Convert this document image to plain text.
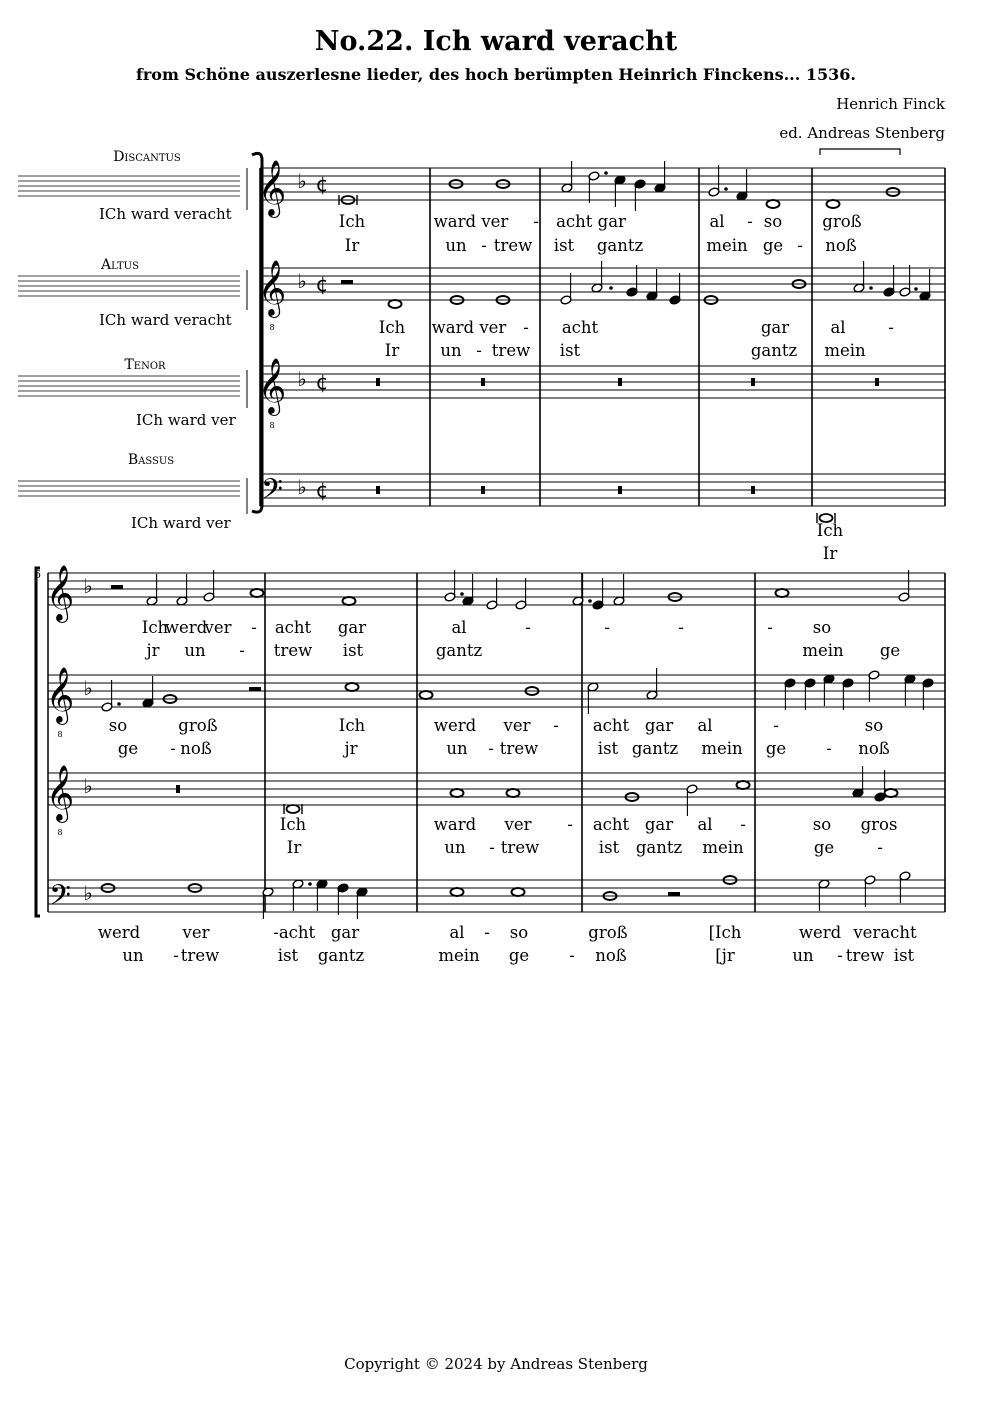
No.22. Ich ward veracht
from Schöne auszerlesne lieder, des hoch berümpten Heinrich Finckens... 1536.
Henrich Finck
ed. Andreas Stenberg
Copyright © 2024 by Andreas Stenberg
𝄞 ♭ ¢
𝄞
8
♭ ¢
𝄞
8
♭ ¢
𝄢 ♭ ¢
𝄞 ♭
𝄞
8
♭
𝄞
8
♭
𝄢 ♭
Discantus
ICh ward veracht
Altus
ICh ward veracht
Tenor
ICh ward ver
Bassus
ICh ward ver
6
Ich	ward ver - acht gar	al - so groß
Ir	un - trew ist gantz	mein ge - noß
Ich ward ver - acht	gar	al	-
Ir un - trew ist	gantz mein
Ich
Ir
Ich
werd
ver - acht gar	al	-	-	-	- so
jr un - trew ist	gantz	mein ge
so	groß	Ich	werd ver - acht gar al	-	so
ge - noß	jr	un - trew	ist gantz mein ge - noß
Ich	ward ver - acht gar al -	so gros
Ir	un - trew	ist gantz mein	ge	-
werd	ver	- acht gar	al - so	groß	[Ich	werd veracht
un - trew	ist gantz	mein ge - noß	[jr	un - trew ist
